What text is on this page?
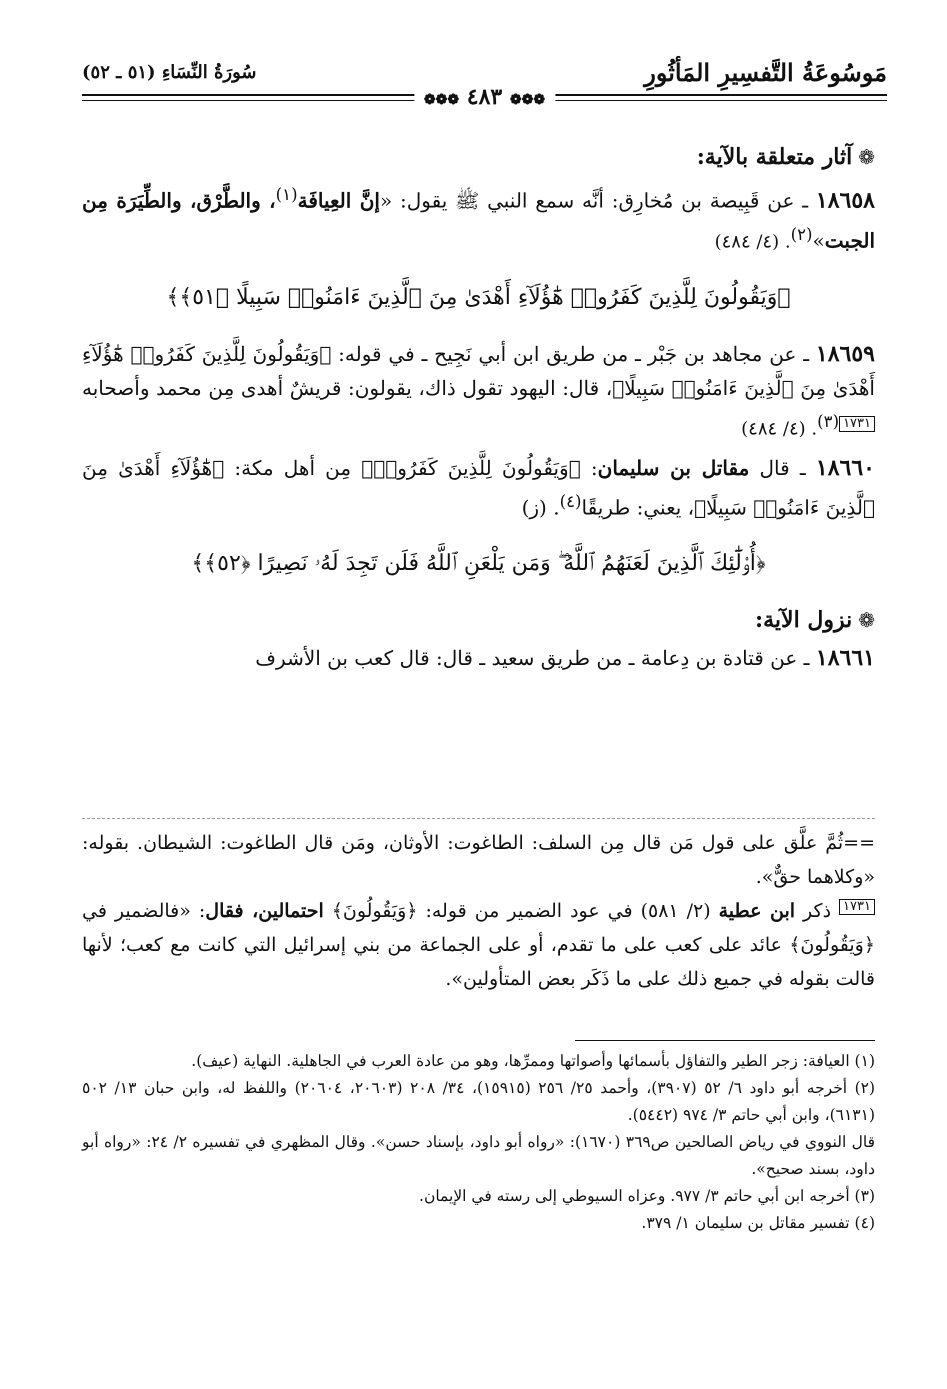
مَوسُوعَةُ التَّفسِيرِ المَأثُورِ
سُورَةُ النِّسَاءِ (٥١ ـ ٥٢)
❁❁❁ ٤٨٣ ❁❁❁

❁آثار متعلقة بالآية:

١٨٦٥٨ ـ عن قَبِيصة بن مُخارِق: أنَّه سمع النبي ﷺ يقول: «إنَّ العِيافَة$^{(١)}$، والطَّرْق، والطِّيَرَة مِن الجبت»$^{(٢)}$. (٤/ ٤٨٤)

﴿وَيَقُولُونَ لِلَّذِينَ كَفَرُوا۟ هَٰٓؤُلَآءِ أَهْدَىٰ مِنَ ٱلَّذِينَ ءَامَنُوا۟ سَبِيلًا ﴿٥١﴾﴾

١٨٦٥٩ ـ عن مجاهد بن جَبْر ـ من طريق ابن أبي نَجِيح ـ في قوله: ﴿وَيَقُولُونَ لِلَّذِينَ كَفَرُوا۟ هَٰٓؤُلَآءِ أَهْدَىٰ مِنَ ٱلَّذِينَ ءَامَنُوا۟ سَبِيلًا﴾، قال: اليهود تقول ذاك، يقولون: قريشٌ أهدى مِن محمد وأصحابه١٧٣١$^{(٣)}$. (٤/ ٤٨٤)

١٨٦٦٠ ـ قال مقاتل بن سليمان: ﴿وَيَقُولُونَ لِلَّذِينَ كَفَرُوا۟﴾ مِن أهل مكة: ﴿هَٰٓؤُلَآءِ أَهْدَىٰ مِنَ ٱلَّذِينَ ءَامَنُوا۟ سَبِيلًا﴾، يعني: طريقًا$^{(٤)}$. (ز)

﴿أُو۟لَٰٓئِكَ ٱلَّذِينَ لَعَنَهُمُ ٱللَّهُ ۖ وَمَن يَلْعَنِ ٱللَّهُ فَلَن تَجِدَ لَهُۥ نَصِيرًا ﴿٥٢﴾﴾

❁نزول الآية:

١٨٦٦١ ـ عن قتادة بن دِعامة ـ من طريق سعيد ـ قال: قال كعب بن الأشرف

==ثُمَّ علَّق على قول مَن قال مِن السلف: الطاغوت: الأوثان، ومَن قال الطاغوت: الشيطان. بقوله: «وكلاهما حقٌّ».

١٧٣١ ذكر ابن عطية (٢/ ٥٨١) في عود الضمير من قوله: ﴿وَيَقُولُونَ﴾ احتمالين، فقال: «فالضمير في ﴿وَيَقُولُونَ﴾ عائد على كعب على ما تقدم، أو على الجماعة من بني إسرائيل التي كانت مع كعب؛ لأنها قالت بقوله في جميع ذلك على ما ذَكَر بعض المتأولين».

(١) العيافة: زجر الطير والتفاؤل بأسمائها وأصواتها وممرِّها، وهو من عادة العرب في الجاهلية. النهاية (عيف).

(٢) أخرجه أبو داود ٦/ ٥٢ (٣٩٠٧)، وأحمد ٢٥/ ٢٥٦ (١٥٩١٥)، ٣٤/ ٢٠٨ (٢٠٦٠٣، ٢٠٦٠٤) واللفظ له، وابن حبان ١٣/ ٥٠٢ (٦١٣١)، وابن أبي حاتم ٣/ ٩٧٤ (٥٤٤٢).

قال النووي في رياض الصالحين ص٣٦٩ (١٦٧٠): «رواه أبو داود، بإسناد حسن». وقال المظهري في تفسيره ٢/ ٢٤: «رواه أبو داود، بسند صحيح».

(٣) أخرجه ابن أبي حاتم ٣/ ٩٧٧. وعزاه السيوطي إلى رسته في الإيمان.

(٤) تفسير مقاتل بن سليمان ١/ ٣٧٩.
